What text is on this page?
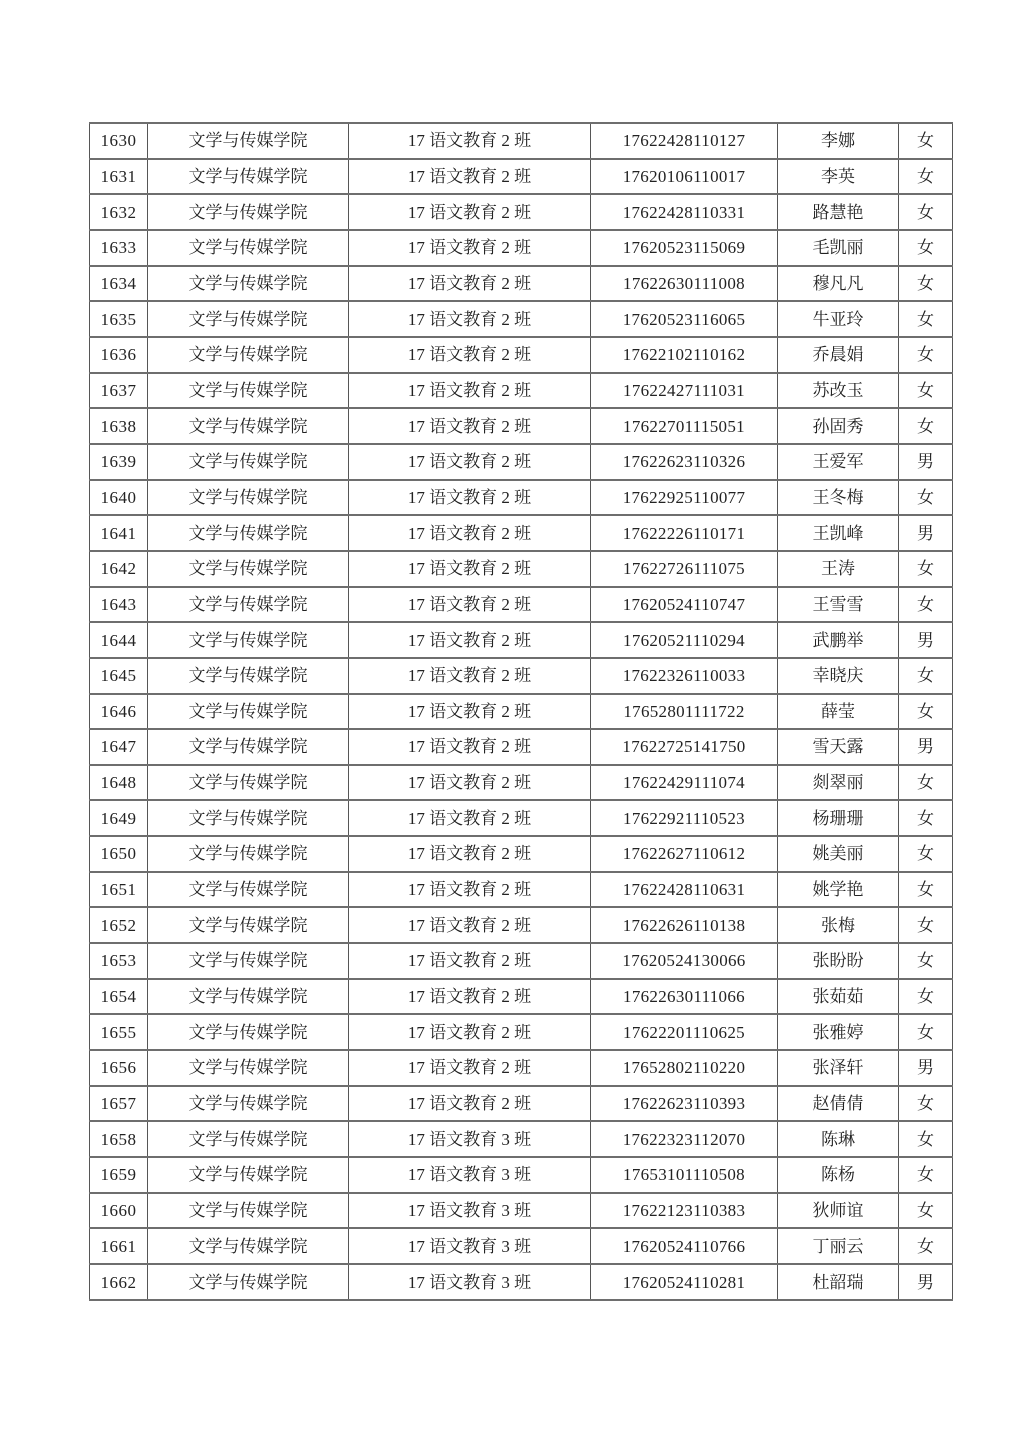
1630	文学与传媒学院	17 语文教育 2 班	17622428110127	李娜	女
1631	文学与传媒学院	17 语文教育 2 班	17620106110017	李英	女
1632	文学与传媒学院	17 语文教育 2 班	17622428110331	路慧艳	女
1633	文学与传媒学院	17 语文教育 2 班	17620523115069	毛凯丽	女
1634	文学与传媒学院	17 语文教育 2 班	17622630111008	穆凡凡	女
1635	文学与传媒学院	17 语文教育 2 班	17620523116065	牛亚玲	女
1636	文学与传媒学院	17 语文教育 2 班	17622102110162	乔晨娟	女
1637	文学与传媒学院	17 语文教育 2 班	17622427111031	苏改玉	女
1638	文学与传媒学院	17 语文教育 2 班	17622701115051	孙固秀	女
1639	文学与传媒学院	17 语文教育 2 班	17622623110326	王爱军	男
1640	文学与传媒学院	17 语文教育 2 班	17622925110077	王冬梅	女
1641	文学与传媒学院	17 语文教育 2 班	17622226110171	王凯峰	男
1642	文学与传媒学院	17 语文教育 2 班	17622726111075	王涛	女
1643	文学与传媒学院	17 语文教育 2 班	17620524110747	王雪雪	女
1644	文学与传媒学院	17 语文教育 2 班	17620521110294	武鹏举	男
1645	文学与传媒学院	17 语文教育 2 班	17622326110033	幸晓庆	女
1646	文学与传媒学院	17 语文教育 2 班	17652801111722	薛莹	女
1647	文学与传媒学院	17 语文教育 2 班	17622725141750	雪天露	男
1648	文学与传媒学院	17 语文教育 2 班	17622429111074	剡翠丽	女
1649	文学与传媒学院	17 语文教育 2 班	17622921110523	杨珊珊	女
1650	文学与传媒学院	17 语文教育 2 班	17622627110612	姚美丽	女
1651	文学与传媒学院	17 语文教育 2 班	17622428110631	姚学艳	女
1652	文学与传媒学院	17 语文教育 2 班	17622626110138	张梅	女
1653	文学与传媒学院	17 语文教育 2 班	17620524130066	张盼盼	女
1654	文学与传媒学院	17 语文教育 2 班	17622630111066	张茹茹	女
1655	文学与传媒学院	17 语文教育 2 班	17622201110625	张雅婷	女
1656	文学与传媒学院	17 语文教育 2 班	17652802110220	张泽轩	男
1657	文学与传媒学院	17 语文教育 2 班	17622623110393	赵倩倩	女
1658	文学与传媒学院	17 语文教育 3 班	17622323112070	陈琳	女
1659	文学与传媒学院	17 语文教育 3 班	17653101110508	陈杨	女
1660	文学与传媒学院	17 语文教育 3 班	17622123110383	狄师谊	女
1661	文学与传媒学院	17 语文教育 3 班	17620524110766	丁丽云	女
1662	文学与传媒学院	17 语文教育 3 班	17620524110281	杜韶瑞	男
